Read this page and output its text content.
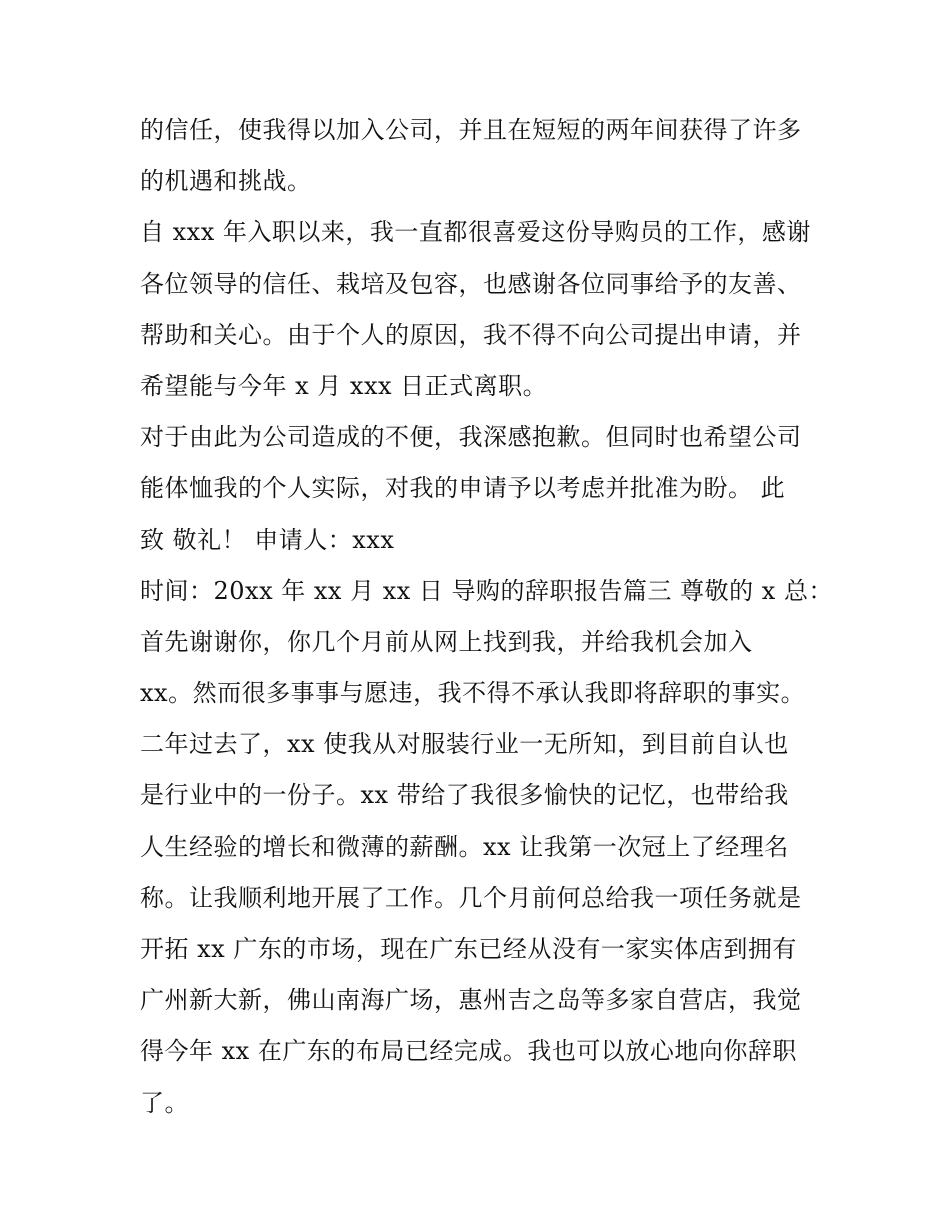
的信任，使我得以加入公司，并且在短短的两年间获得了许多
的机遇和挑战。
自 xxx 年入职以来，我一直都很喜爱这份导购员的工作，感谢
各位领导的信任、栽培及包容，也感谢各位同事给予的友善、
帮助和关心。由于个人的原因，我不得不向公司提出申请，并
希望能与今年 x 月 xxx 日正式离职。
对于由此为公司造成的不便，我深感抱歉。但同时也希望公司
能体恤我的个人实际，对我的申请予以考虑并批准为盼。 此
致 敬礼！ 申请人：xxx
时间：20xx 年 xx 月 xx 日 导购的辞职报告篇三 尊敬的 x 总：
首先谢谢你，你几个月前从网上找到我，并给我机会加入
xx。然而很多事事与愿违，我不得不承认我即将辞职的事实。
二年过去了，xx 使我从对服装行业一无所知，到目前自认也
是行业中的一份子。xx 带给了我很多愉快的记忆，也带给我
人生经验的增长和微薄的薪酬。xx 让我第一次冠上了经理名
称。让我顺利地开展了工作。几个月前何总给我一项任务就是
开拓 xx 广东的市场，现在广东已经从没有一家实体店到拥有
广州新大新，佛山南海广场，惠州吉之岛等多家自营店，我觉
得今年 xx 在广东的布局已经完成。我也可以放心地向你辞职
了。
